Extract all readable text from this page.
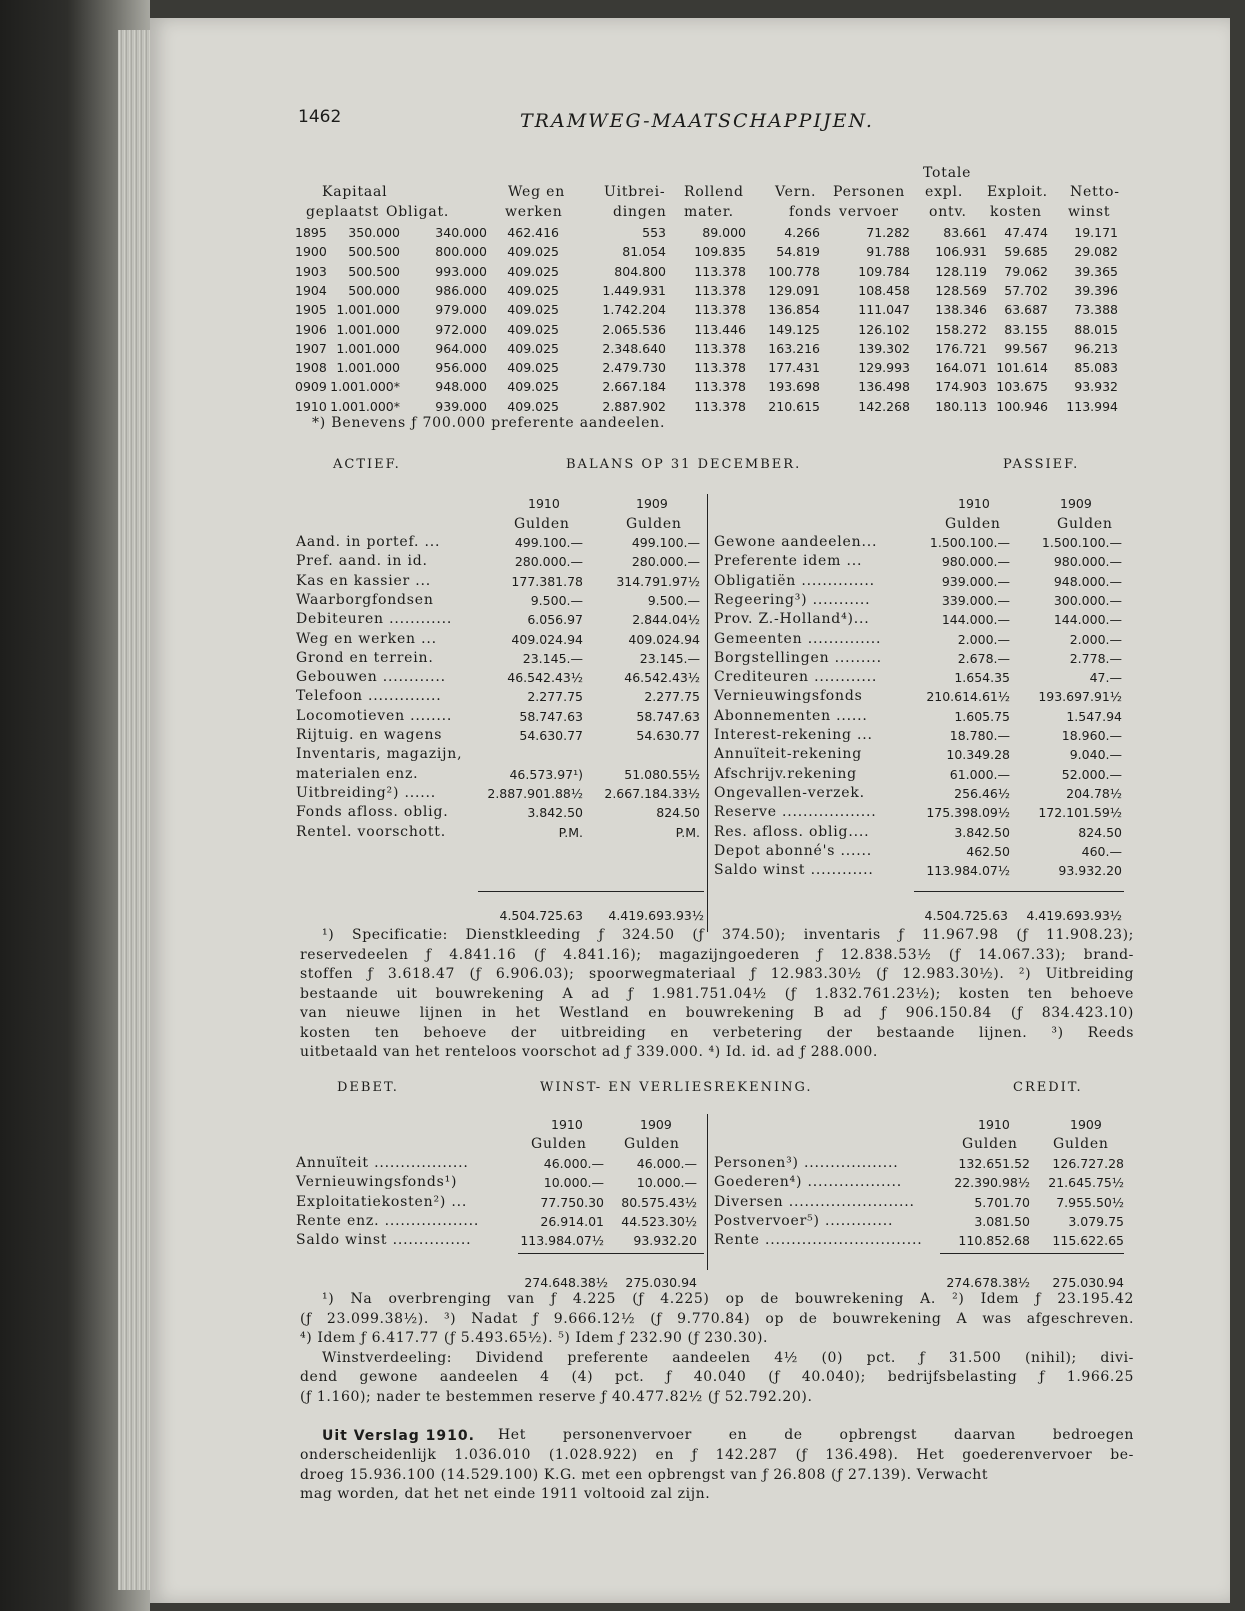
1462	TRAMWEG-MAATSCHAPPIJEN.
Totale
Kapitaal	Weg en	Uitbrei- Rollend Vern. Personen expl. Exploit. Netto-
geplaatst Obligat.	werken	dingen mater.	fonds vervoer ontv. kosten winst
1895	350.000	340.000	462.416	553	89.000	4.266	71.282	83.661	47.474	19.171
1900	500.500	800.000	409.025	81.054	109.835	54.819	91.788	106.931	59.685	29.082
1903	500.500	993.000	409.025	804.800	113.378	100.778	109.784	128.119	79.062	39.365
1904	500.000	986.000	409.025	1.449.931	113.378	129.091	108.458	128.569	57.702	39.396
1905 1.001.000	979.000	409.025	1.742.204	113.378	136.854	111.047	138.346	63.687	73.388
1906 1.001.000	972.000	409.025	2.065.536	113.446	149.125	126.102	158.272	83.155	88.015
1907 1.001.000	964.000	409.025	2.348.640	113.378	163.216	139.302	176.721	99.567	96.213
1908 1.001.000	956.000	409.025	2.479.730	113.378	177.431	129.993	164.071 101.614	85.083
0909 1.001.000*	948.000	409.025	2.667.184	113.378	193.698	136.498	174.903 103.675	93.932
1910 1.001.000*	939.000	409.025	2.887.902	113.378	210.615	142.268	180.113 100.946	113.994
*) Benevens ƒ 700.000 preferente aandeelen.
ACTIEF.	BALANS OP 31 DECEMBER.	PASSIEF.
1910	1909
Gulden	Gulden
1910	1909
Gulden	Gulden
Aand. in portef. ...	499.100.—	499.100.—
Pref. aand. in id.	280.000.—	280.000.—
Kas en kassier ...	177.381.78	314.791.97½
Waarborgfondsen	9.500.—	9.500.—
Debiteuren ............	6.056.97	2.844.04½
Weg en werken ...	409.024.94	409.024.94
Grond en terrein.	23.145.—	23.145.—
Gebouwen ............	46.542.43½	46.542.43½
Telefoon ..............	2.277.75	2.277.75
Locomotieven ........	58.747.63	58.747.63
Rijtuig. en wagens	54.630.77	54.630.77
Inventaris, magazijn,
materialen enz.	46.573.97¹)	51.080.55½
Uitbreiding²) ......	2.887.901.88½	2.667.184.33½
Fonds afloss. oblig.	3.842.50	824.50
Rentel. voorschott.	P.M.	P.M.
Gewone aandeelen...	1.500.100.—	1.500.100.—
Preferente idem ...	980.000.—	980.000.—
Obligatiën ..............	939.000.—	948.000.—
Regeering³) ...........	339.000.—	300.000.—
Prov. Z.-Holland⁴)...	144.000.—	144.000.—
Gemeenten ..............	2.000.—	2.000.—
Borgstellingen .........	2.678.—	2.778.—
Crediteuren ............	1.654.35	47.—
Vernieuwingsfonds	210.614.61½	193.697.91½
Abonnementen ......	1.605.75	1.547.94
Interest-rekening ...	18.780.—	18.960.—
Annuïteit-rekening	10.349.28	9.040.—
Afschrijv.rekening	61.000.—	52.000.—
Ongevallen-verzek.	256.46½	204.78½
Reserve ..................	175.398.09½	172.101.59½
Res. afloss. oblig....	3.842.50	824.50
Depot abonné's ......	462.50	460.—
Saldo winst ............	113.984.07½	93.932.20
4.504.725.63	4.419.693.93½	4.504.725.63	4.419.693.93½
¹) Specificatie: Dienstkleeding ƒ 324.50 (ƒ 374.50); inventaris ƒ 11.967.98 (ƒ 11.908.23);
reservedeelen ƒ 4.841.16 (ƒ 4.841.16); magazijngoederen ƒ 12.838.53½ (ƒ 14.067.33); brand-
stoffen ƒ 3.618.47 (ƒ 6.906.03); spoorwegmateriaal ƒ 12.983.30½ (ƒ 12.983.30½). ²) Uitbreiding
bestaande uit bouwrekening A ad ƒ 1.981.751.04½ (ƒ 1.832.761.23½); kosten ten behoeve
van nieuwe lijnen in het Westland en bouwrekening B ad ƒ 906.150.84 (ƒ 834.423.10)
kosten ten behoeve der uitbreiding en verbetering der bestaande lijnen. ³) Reeds
uitbetaald van het renteloos voorschot ad ƒ 339.000. ⁴) Id. id. ad ƒ 288.000.
DEBET.	WINST- EN VERLIESREKENING.	CREDIT.
1910	1909
Gulden	Gulden
1910	1909
Gulden	Gulden
Annuïteit ..................	46.000.—	46.000.—
Vernieuwingsfonds¹)	10.000.—	10.000.—
Exploitatiekosten²) ...	77.750.30	80.575.43½
Rente enz. ..................	26.914.01	44.523.30½
Saldo winst ...............	113.984.07½	93.932.20
Personen³) ..................	132.651.52	126.727.28
Goederen⁴) ..................	22.390.98½	21.645.75½
Diversen ........................	5.701.70	7.955.50½
Postvervoer⁵) .............	3.081.50	3.079.75
Rente ..............................	110.852.68	115.622.65
274.648.38½	275.030.94	274.678.38½	275.030.94
¹) Na overbrenging van ƒ 4.225 (ƒ 4.225) op de bouwrekening A. ²) Idem ƒ 23.195.42
(ƒ 23.099.38½). ³) Nadat ƒ 9.666.12½ (ƒ 9.770.84) op de bouwrekening A was afgeschreven.
⁴) Idem ƒ 6.417.77 (ƒ 5.493.65½). ⁵) Idem ƒ 232.90 (ƒ 230.30).
Winstverdeeling: Dividend preferente aandeelen 4½ (0) pct. ƒ 31.500 (nihil); divi-
dend gewone aandeelen 4 (4) pct. ƒ 40.040 (ƒ 40.040); bedrijfsbelasting ƒ 1.966.25
(ƒ 1.160); nader te bestemmen reserve ƒ 40.477.82½ (ƒ 52.792.20).
Uit Verslag 1910. Het personenvervoer en de opbrengst daarvan bedroegen
onderscheidenlijk 1.036.010 (1.028.922) en ƒ 142.287 (ƒ 136.498). Het goederenvervoer be-
droeg 15.936.100 (14.529.100) K.G. met een opbrengst van ƒ 26.808 (ƒ 27.139). Verwacht
mag worden, dat het net einde 1911 voltooid zal zijn.
